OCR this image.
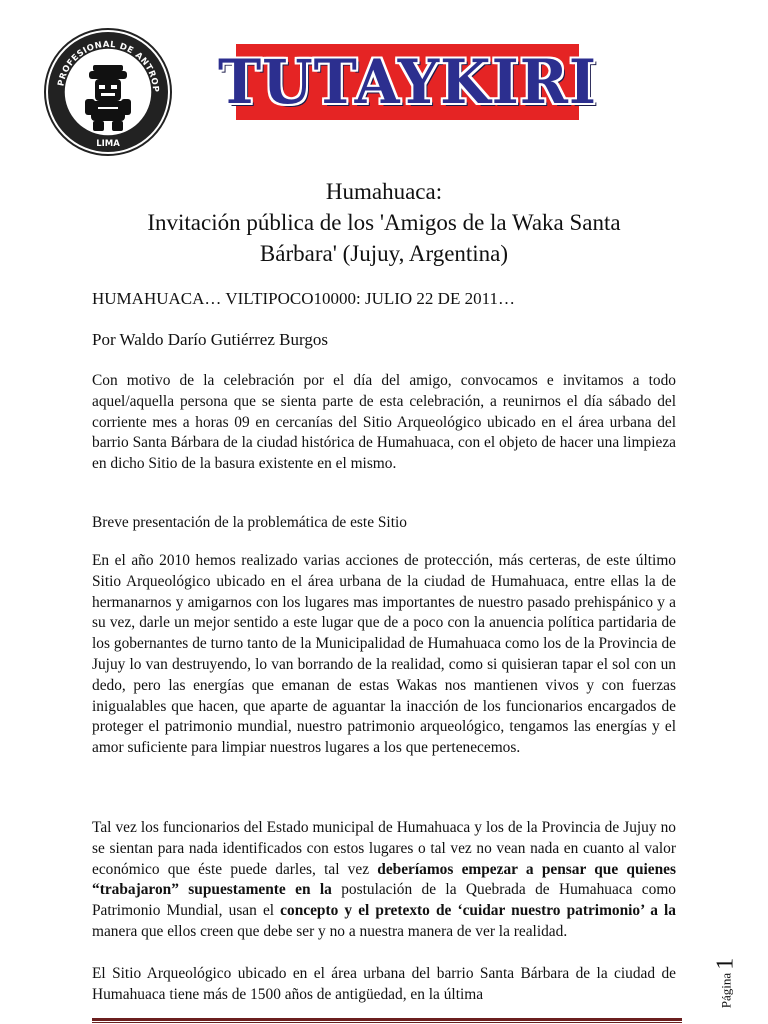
PROFESIONAL DE ANTROP
LIMA
TUTAYKIRI
Humahuaca:
Invitación pública de los 'Amigos de la Waka Santa
Bárbara' (Jujuy, Argentina)

HUMAHUACA… VILTIPOCO10000: JULIO 22 DE 2011…

Por Waldo Darío Gutiérrez Burgos

Con motivo de la celebración por el día del amigo, convocamos e invitamos a todo aquel/aquella persona que se sienta parte de esta celebración, a reunirnos el día sábado del corriente mes a horas 09 en cercanías del Sitio Arqueológico ubicado en el área urbana del barrio Santa Bárbara de la ciudad histórica de Humahuaca, con el objeto de hacer una limpieza en dicho Sitio de la basura existente en el mismo.

Breve presentación de la problemática de este Sitio

En el año 2010 hemos realizado varias acciones de protección, más certeras, de este último Sitio Arqueológico ubicado en el área urbana de la ciudad de Humahuaca, entre ellas la de hermanarnos y amigarnos con los lugares mas importantes de nuestro pasado prehispánico y a su vez, darle un mejor sentido a este lugar que de a poco con la anuencia política partidaria de los gobernantes de turno tanto de la Municipalidad de Humahuaca como los de la Provincia de Jujuy lo van destruyendo, lo van borrando de la realidad, como si quisieran tapar el sol con un dedo, pero las energías que emanan de estas Wakas nos mantienen vivos y con fuerzas inigualables que hacen, que aparte de aguantar la inacción de los funcionarios encargados de proteger el patrimonio mundial, nuestro patrimonio arqueológico, tengamos las energías y el amor suficiente para limpiar nuestros lugares a los que pertenecemos.

Tal vez los funcionarios del Estado municipal de Humahuaca y los de la Provincia de Jujuy no se sientan para nada identificados con estos lugares o tal vez no vean nada en cuanto al valor económico que éste puede darles, tal vez deberíamos empezar a pensar que quienes “trabajaron” supuestamente en la postulación de la Quebrada de Humahuaca como Patrimonio Mundial, usan el concepto y el pretexto de ‘cuidar nuestro patrimonio’ a la manera que ellos creen que debe ser y no a nuestra manera de ver la realidad.

El Sitio Arqueológico ubicado en el área urbana del barrio Santa Bárbara de la ciudad de Humahuaca tiene más de 1500 años de antigüedad, en la última	Página1
